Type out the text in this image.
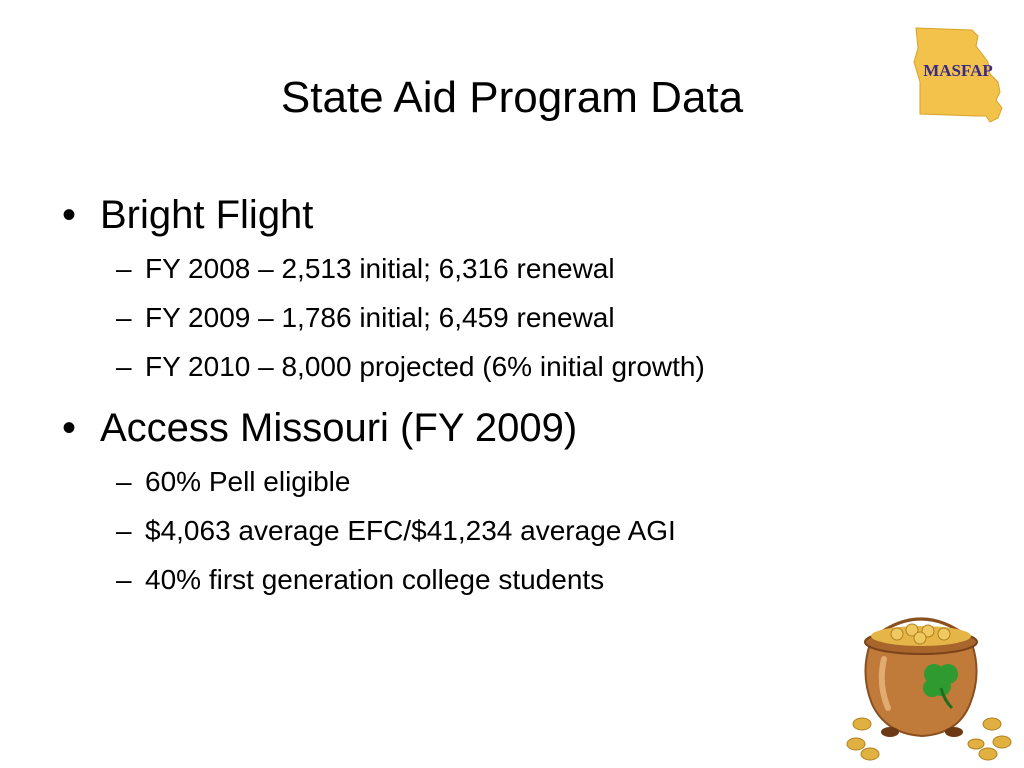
State Aid Program Data
MASFAP
• Bright Flight
– FY 2008 – 2,513 initial; 6,316 renewal
– FY 2009 – 1,786 initial; 6,459 renewal
– FY 2010 – 8,000 projected (6% initial growth)
• Access Missouri (FY 2009)
– 60% Pell eligible
– $4,063 average EFC/$41,234 average AGI
– 40% first generation college students
